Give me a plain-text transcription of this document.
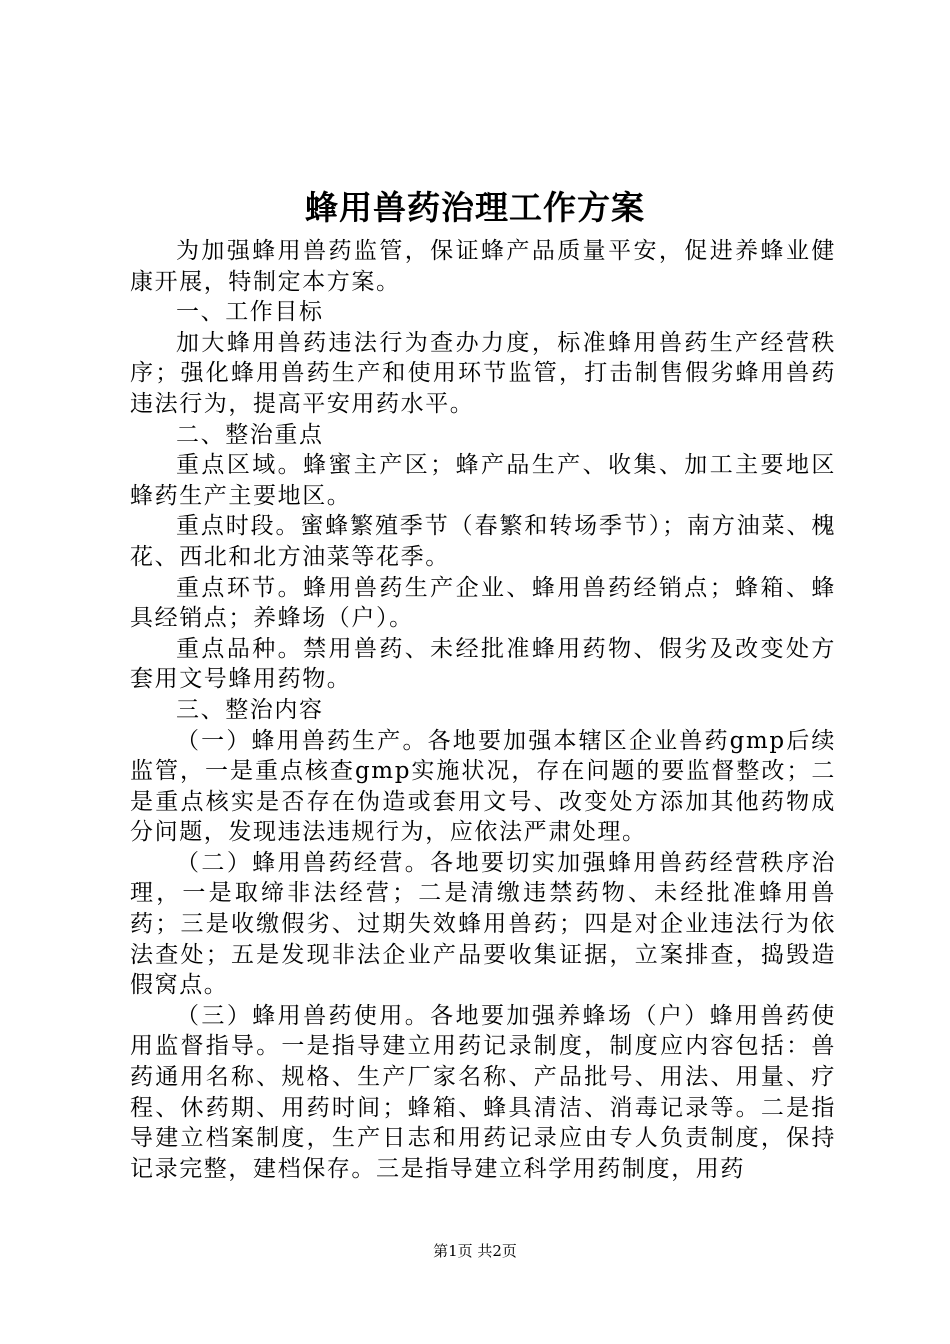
蜂用兽药治理工作方案

为加强蜂用兽药监管，保证蜂产品质量平安，促进养蜂业健康开展，特制定本方案。

一、工作目标

加大蜂用兽药违法行为查办力度，标准蜂用兽药生产经营秩序；强化蜂用兽药生产和使用环节监管，打击制售假劣蜂用兽药违法行为，提高平安用药水平。

二、整治重点

重点区域。蜂蜜主产区；蜂产品生产、收集、加工主要地区蜂药生产主要地区。

重点时段。蜜蜂繁殖季节（春繁和转场季节）；南方油菜、槐花、西北和北方油菜等花季。

重点环节。蜂用兽药生产企业、蜂用兽药经销点；蜂箱、蜂具经销点；养蜂场（户）。

重点品种。禁用兽药、未经批准蜂用药物、假劣及改变处方套用文号蜂用药物。

三、整治内容

（一）蜂用兽药生产。各地要加强本辖区企业兽药gmp后续监管，一是重点核查gmp实施状况，存在问题的要监督整改；二是重点核实是否存在伪造或套用文号、改变处方添加其他药物成分问题，发现违法违规行为，应依法严肃处理。

（二）蜂用兽药经营。各地要切实加强蜂用兽药经营秩序治理，一是取缔非法经营；二是清缴违禁药物、未经批准蜂用兽药；三是收缴假劣、过期失效蜂用兽药；四是对企业违法行为依法查处；五是发现非法企业产品要收集证据，立案排查，捣毁造假窝点。

（三）蜂用兽药使用。各地要加强养蜂场（户）蜂用兽药使用监督指导。一是指导建立用药记录制度，制度应内容包括：兽药通用名称、规格、生产厂家名称、产品批号、用法、用量、疗程、休药期、用药时间；蜂箱、蜂具清洁、消毒记录等。二是指导建立档案制度，生产日志和用药记录应由专人负责制度，保持记录完整，建档保存。三是指导建立科学用药制度，用药

第1页 共2页
